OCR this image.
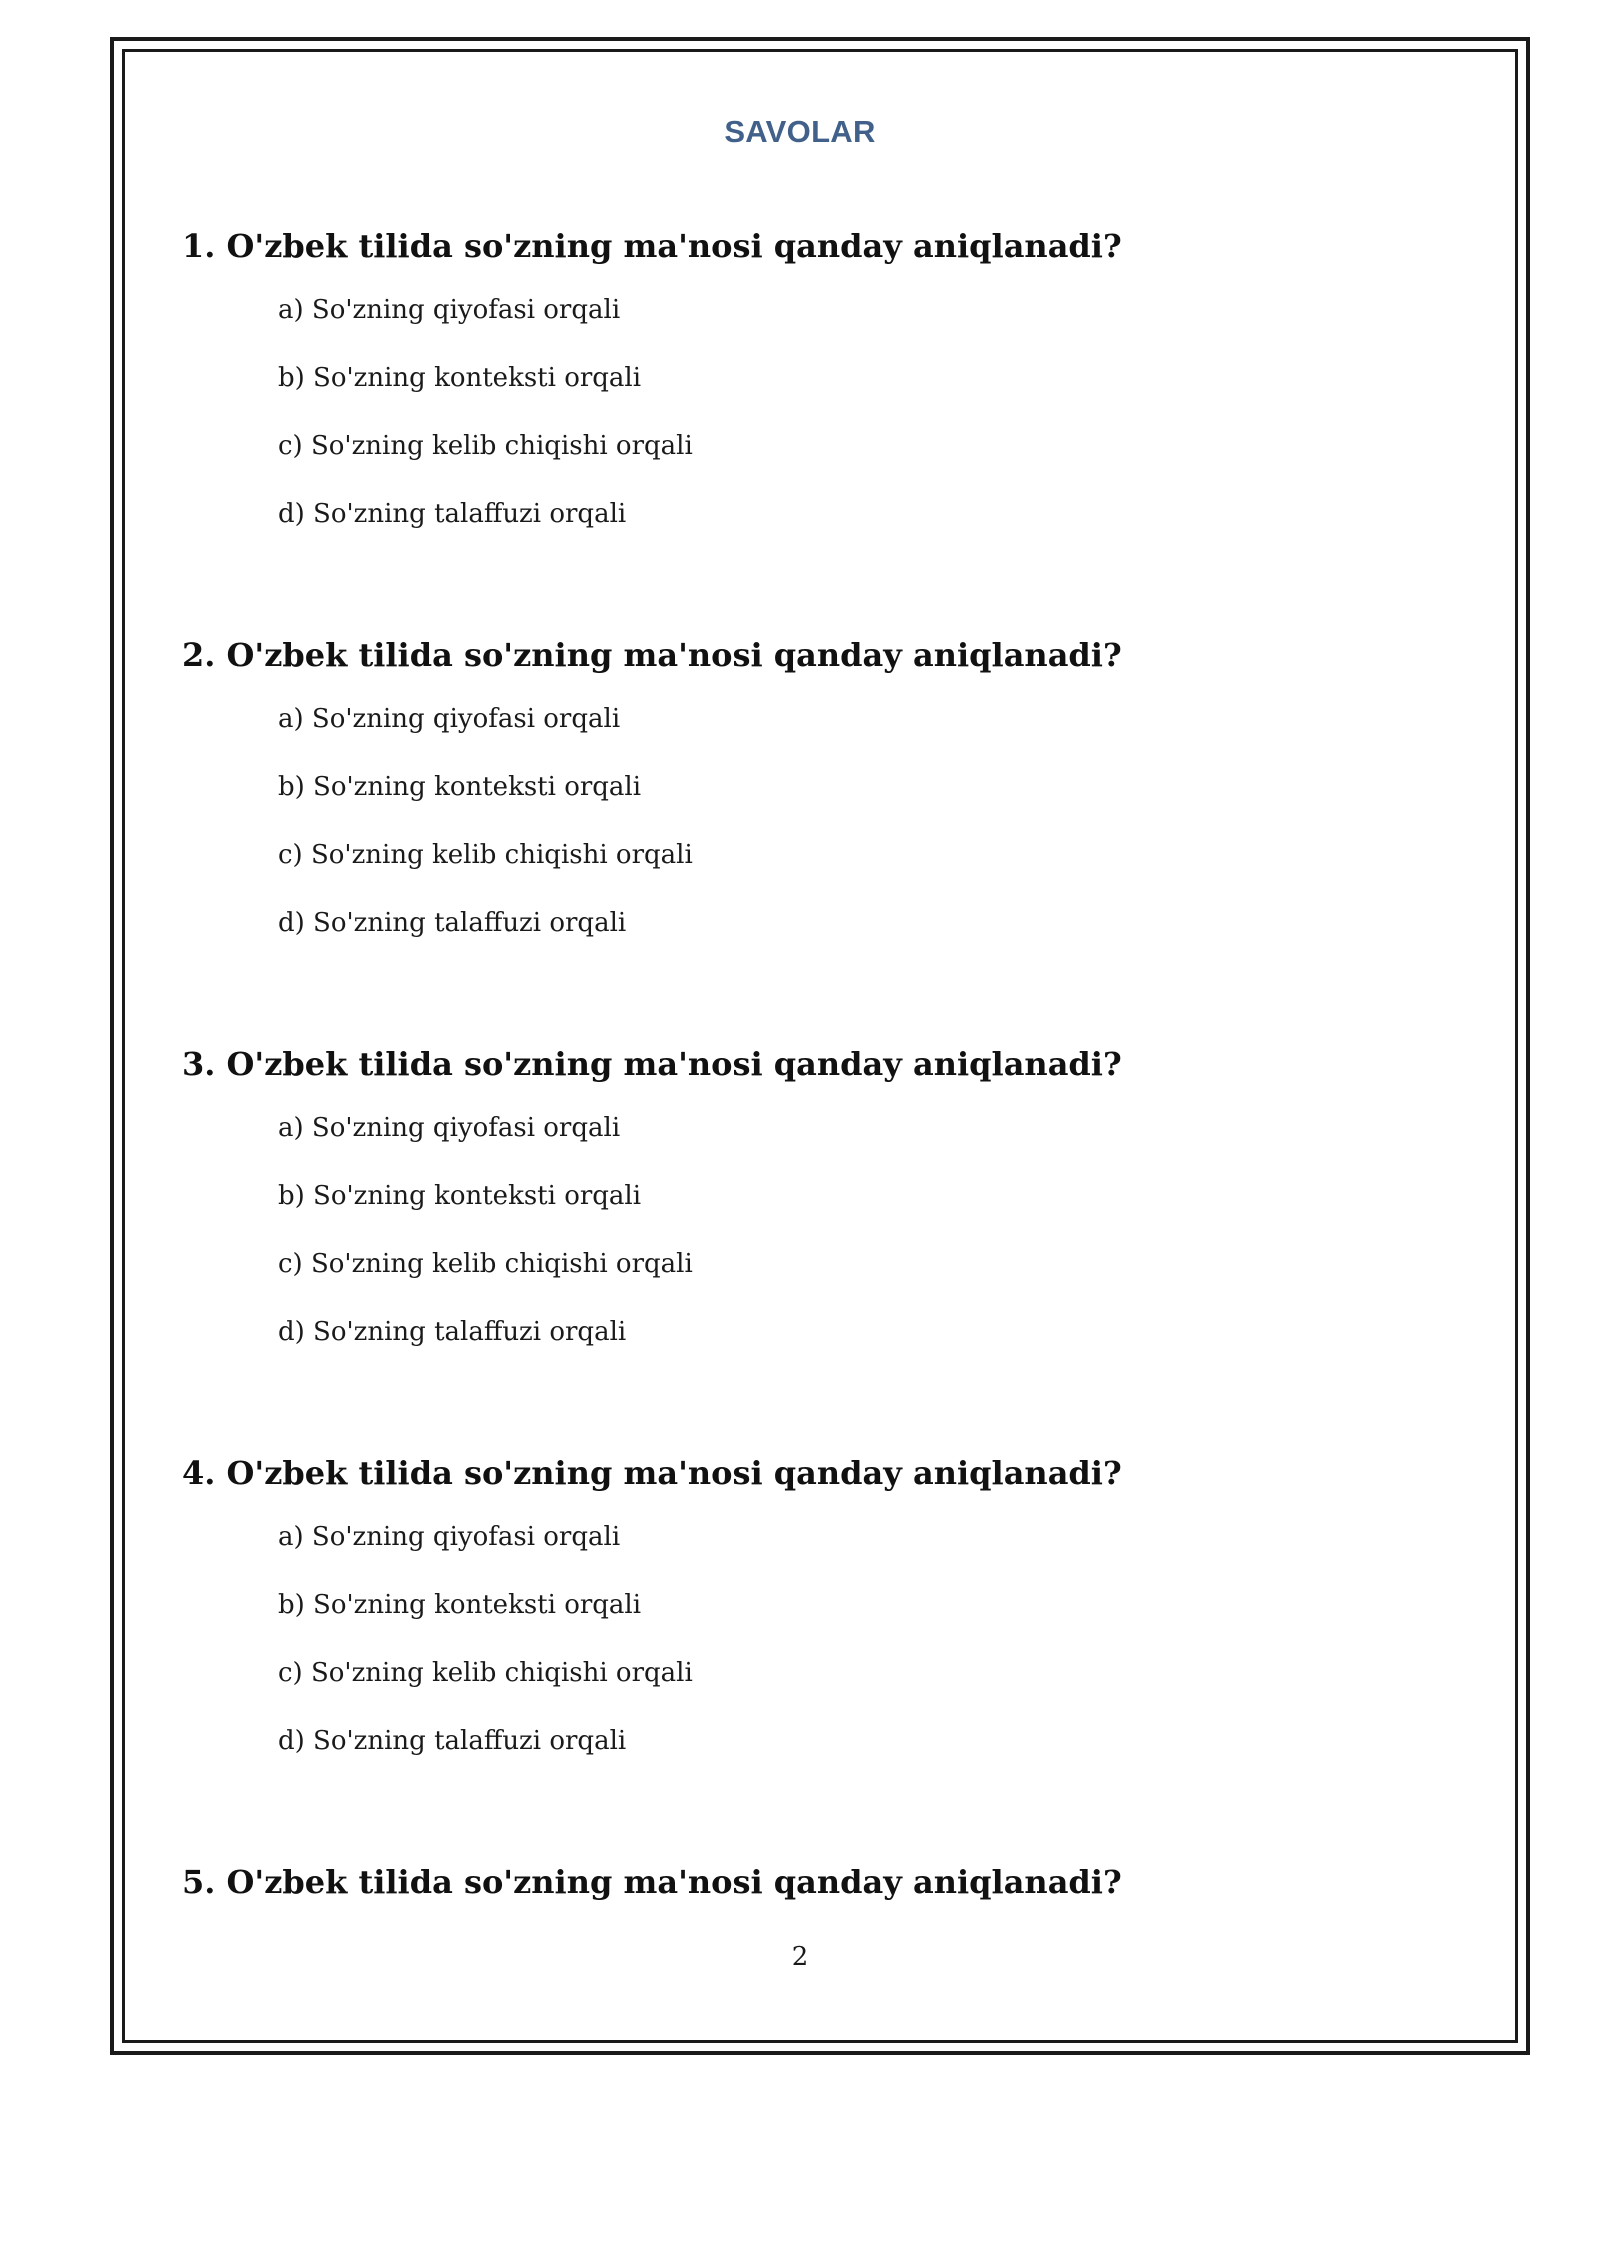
SAVOLAR

1. O'zbek tilida so'zning ma'nosi qanday aniqlanadi?

a) So'zning qiyofasi orqali
b) So'zning konteksti orqali
c) So'zning kelib chiqishi orqali
d) So'zning talaffuzi orqali

2. O'zbek tilida so'zning ma'nosi qanday aniqlanadi?

a) So'zning qiyofasi orqali
b) So'zning konteksti orqali
c) So'zning kelib chiqishi orqali
d) So'zning talaffuzi orqali

3. O'zbek tilida so'zning ma'nosi qanday aniqlanadi?

a) So'zning qiyofasi orqali
b) So'zning konteksti orqali
c) So'zning kelib chiqishi orqali
d) So'zning talaffuzi orqali

4. O'zbek tilida so'zning ma'nosi qanday aniqlanadi?

a) So'zning qiyofasi orqali
b) So'zning konteksti orqali
c) So'zning kelib chiqishi orqali
d) So'zning talaffuzi orqali

5. O'zbek tilida so'zning ma'nosi qanday aniqlanadi?

2
